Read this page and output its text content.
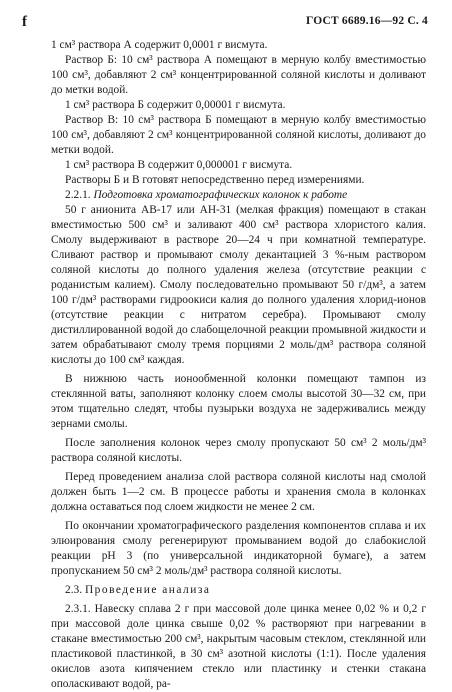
f	ГОСТ 6689.16—92 С. 4

1 см³ раствора А содержит 0,0001 г висмута.

Раствор Б: 10 см³ раствора А помещают в мерную колбу вместимостью 100 см³, добавляют 2 см³ концентрированной соляной кислоты и доливают до метки водой.

1 см³ раствора Б содержит 0,00001 г висмута.

Раствор В: 10 см³ раствора Б помещают в мерную колбу вместимостью 100 см³, добавляют 2 см³ концентрированной соляной кислоты, доливают до метки водой.

1 см³ раствора В содержит 0,000001 г висмута.

Растворы Б и В готовят непосредственно перед измерениями.

2.2.1. Подготовка хроматографических колонок к работе

50 г анионита АВ-17 или АН-31 (мелкая фракция) помещают в стакан вместимостью 500 см³ и заливают 400 см³ раствора хлористого калия. Смолу выдерживают в растворе 20—24 ч при комнатной температуре. Сливают раствор и промывают смолу декантацией 3 %-ным раствором соляной кислоты до полного удаления железа (отсутствие реакции с роданистым калием). Смолу последовательно промывают 50 г/дм³, а затем 100 г/дм³ растворами гидроокиси калия до полного удаления хлорид-ионов (отсутствие реакции с нитратом серебра). Промывают смолу дистиллированной водой до слабощелочной реакции промывной жидкости и затем обрабатывают смолу тремя порциями 2 моль/дм³ раствора соляной кислоты до 100 см³ каждая.

В нижнюю часть ионообменной колонки помещают тампон из стеклянной ваты, заполняют колонку слоем смолы высотой 30—32 см, при этом тщательно следят, чтобы пузырьки воздуха не задерживались между зернами смолы.

После заполнения колонок через смолу пропускают 50 см³ 2 моль/дм³ раствора соляной кислоты.

Перед проведением анализа слой раствора соляной кислоты над смолой должен быть 1—2 см. В процессе работы и хранения смола в колонках должна оставаться под слоем жидкости не менее 2 см.

По окончании хроматографического разделения компонентов сплава и их элюирования смолу регенерируют промыванием водой до слабокислой реакции рН 3 (по универсальной индикаторной бумаге), а затем пропусканием 50 см³ 2 моль/дм³ раствора соляной кислоты.

2.3. Проведение анализа

2.3.1. Навеску сплава 2 г при массовой доле цинка менее 0,02 % и 0,2 г при массовой доле цинка свыше 0,02 % растворяют при нагревании в стакане вместимостью 200 см³, накрытым часовым стеклом, стеклянной или пластиковой пластинкой, в 30 см³ азотной кислоты (1:1). После удаления окислов азота кипячением стекло или пластинку и стенки стакана ополаскивают водой, ра-
